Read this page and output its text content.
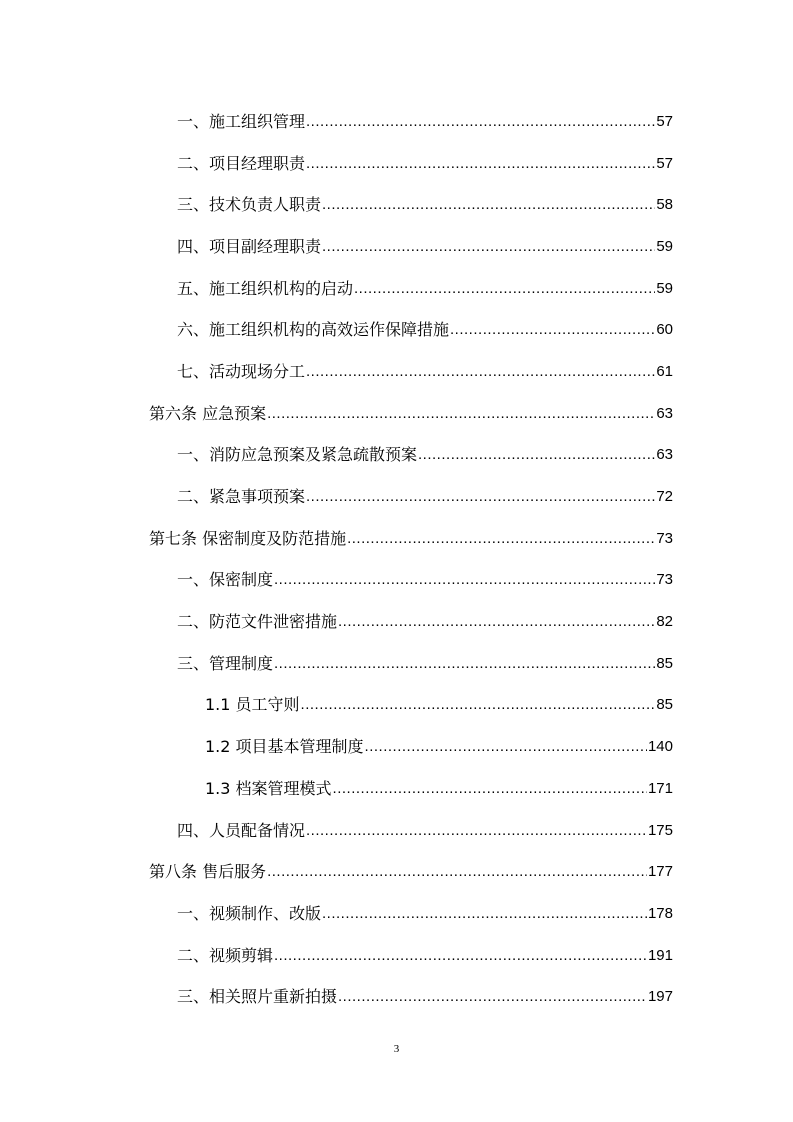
一、施工组织管理 .....	57
二、项目经理职责 .....	57
三、技术负责人职责 .....	58
四、项目副经理职责 .....	59
五、施工组织机构的启动 .....	59
六、施工组织机构的高效运作保障措施 .....	60
七、活动现场分工 .....	61
第六条 应急预案 .....	63
一、消防应急预案及紧急疏散预案 .....	63
二、紧急事项预案 .....	72
第七条 保密制度及防范措施 .....	73
一、保密制度 .....	73
二、防范文件泄密措施 .....	82
三、管理制度 .....	85
1.1 员工守则 .....	85
1.2 项目基本管理制度 .....	140
1.3 档案管理模式 .....	171
四、人员配备情况 .....	175
第八条 售后服务 .....	177
一、视频制作、改版 .....	178
二、视频剪辑 .....	191
三、相关照片重新拍摄 .....	197
3
